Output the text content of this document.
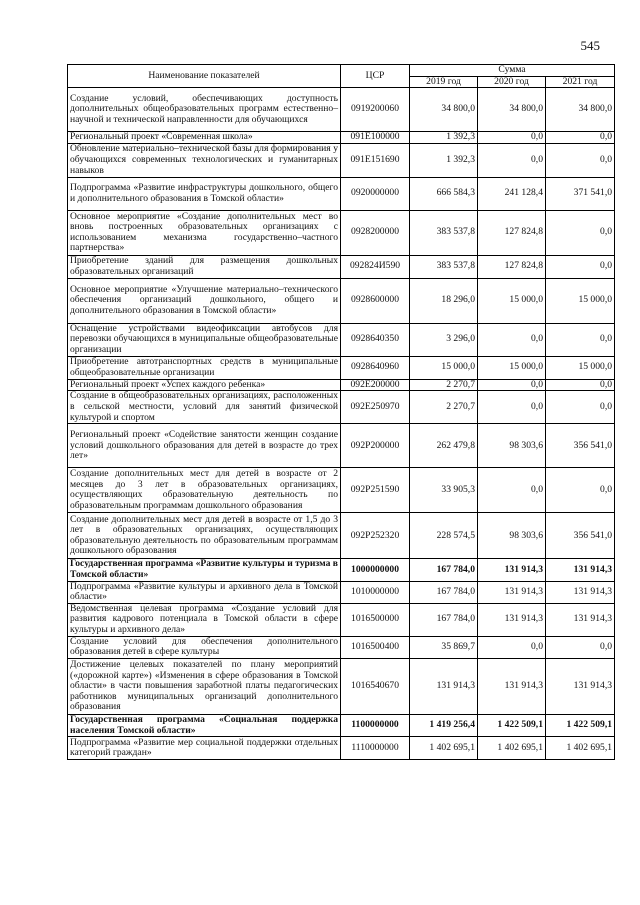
545
Наименование показателей	ЦСР	Сумма		
		2019 год	2020 год	2021 год
Создание условий, обеспечивающих доступность дополнительных общеобразовательных программ естественно–научной и технической направленности для обучающихся	0919200060	34 800,0	34 800,0	34 800,0
Региональный проект «Современная школа»	091E100000	1 392,3	0,0	0,0
Обновление материально–технической базы для формирования у обучающихся современных технологических и гуманитарных навыков	091E151690	1 392,3	0,0	0,0
Подпрограмма «Развитие инфраструктуры дошкольного, общего и дополнительного образования в Томской области»	0920000000	666 584,3	241 128,4	371 541,0
Основное мероприятие «Создание дополнительных мест во вновь построенных образовательных организациях с использованием механизма государственно–частного партнерства»	0928200000	383 537,8	127 824,8	0,0
Приобретение зданий для размещения дошкольных образовательных организаций	092824И590	383 537,8	127 824,8	0,0
Основное мероприятие «Улучшение материально–технического обеспечения организаций дошкольного, общего и дополнительного образования в Томской области»	0928600000	18 296,0	15 000,0	15 000,0
Оснащение устройствами видеофиксации автобусов для перевозки обучающихся в муниципальные общеобразовательные организации	0928640350	3 296,0	0,0	0,0
Приобретение автотранспортных средств в муниципальные общеобразовательные организации	0928640960	15 000,0	15 000,0	15 000,0
Региональный проект «Успех каждого ребенка»	092E200000	2 270,7	0,0	0,0
Создание в общеобразовательных организациях, расположенных в сельской местности, условий для занятий физической культурой и спортом	092E250970	2 270,7	0,0	0,0
Региональный проект «Содействие занятости женщин создание условий дошкольного образования для детей в возрасте до трех лет»	092P200000	262 479,8	98 303,6	356 541,0
Создание дополнительных мест для детей в возрасте от 2 месяцев до 3 лет в образовательных организациях, осуществляющих образовательную деятельность по образовательным программам дошкольного образования	092P251590	33 905,3	0,0	0,0
Создание дополнительных мест для детей в возрасте от 1,5 до 3 лет в образовательных организациях, осуществляющих образовательную деятельность по образовательным программам дошкольного образования	092P252320	228 574,5	98 303,6	356 541,0
Государственная программа «Развитие культуры и туризма в Томской области»	1000000000	167 784,0	131 914,3	131 914,3
Подпрограмма «Развитие культуры и архивного дела в Томской области»	1010000000	167 784,0	131 914,3	131 914,3
Ведомственная целевая программа «Создание условий для развития кадрового потенциала в Томской области в сфере культуры и архивного дела»	1016500000	167 784,0	131 914,3	131 914,3
Создание условий для обеспечения дополнительного образования детей в сфере культуры	1016500400	35 869,7	0,0	0,0
Достижение целевых показателей по плану мероприятий («дорожной карте») «Изменения в сфере образования в Томской области» в части повышения заработной платы педагогических работников муниципальных организаций дополнительного образования	1016540670	131 914,3	131 914,3	131 914,3
Государственная программа «Социальная поддержка населения Томской области»	1100000000	1 419 256,4	1 422 509,1	1 422 509,1
Подпрограмма «Развитие мер социальной поддержки отдельных категорий граждан»	1110000000	1 402 695,1	1 402 695,1	1 402 695,1
